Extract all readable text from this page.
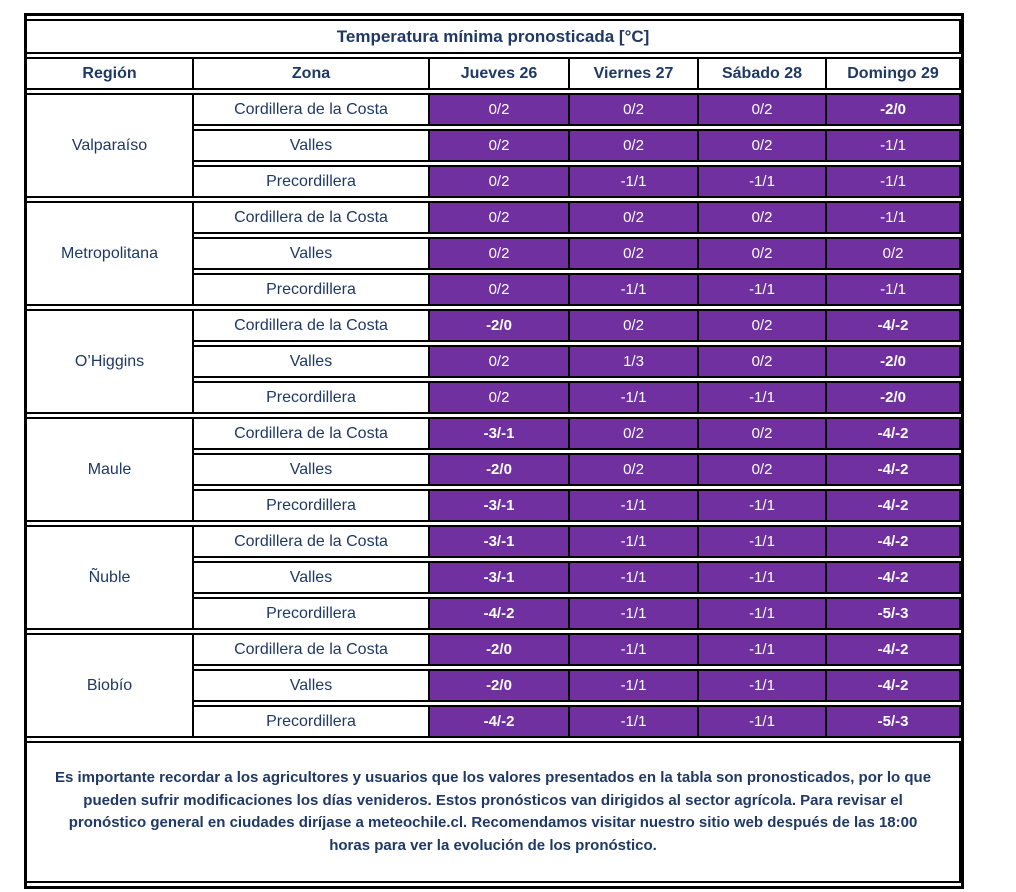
Temperatura mínima pronosticada [°C]					
Región	Zona	Jueves 26	Viernes 27	Sábado 28	Domingo 29
Valparaíso	Cordillera de la Costa	0/2	0/2	0/2	-2/0
	Valles	0/2	0/2	0/2	-1/1
	Precordillera	0/2	-1/1	-1/1	-1/1
Metropolitana	Cordillera de la Costa	0/2	0/2	0/2	-1/1
	Valles	0/2	0/2	0/2	0/2
	Precordillera	0/2	-1/1	-1/1	-1/1
O’Higgins	Cordillera de la Costa	-2/0	0/2	0/2	-4/-2
	Valles	0/2	1/3	0/2	-2/0
	Precordillera	0/2	-1/1	-1/1	-2/0
Maule	Cordillera de la Costa	-3/-1	0/2	0/2	-4/-2
	Valles	-2/0	0/2	0/2	-4/-2
	Precordillera	-3/-1	-1/1	-1/1	-4/-2
Ñuble	Cordillera de la Costa	-3/-1	-1/1	-1/1	-4/-2
	Valles	-3/-1	-1/1	-1/1	-4/-2
	Precordillera	-4/-2	-1/1	-1/1	-5/-3
Biobío	Cordillera de la Costa	-2/0	-1/1	-1/1	-4/-2
	Valles	-2/0	-1/1	-1/1	-4/-2
	Precordillera	-4/-2	-1/1	-1/1	-5/-3

Es importante recordar a los agricultores y usuarios que los valores presentados en la tabla son pronosticados, por lo que pueden sufrir modificaciones los días venideros. Estos pronósticos van dirigidos al sector agrícola. Para revisar el pronóstico general en ciudades diríjase a meteochile.cl. Recomendamos visitar nuestro sitio web después de las 18:00 horas para ver la evolución de los pronóstico.					
